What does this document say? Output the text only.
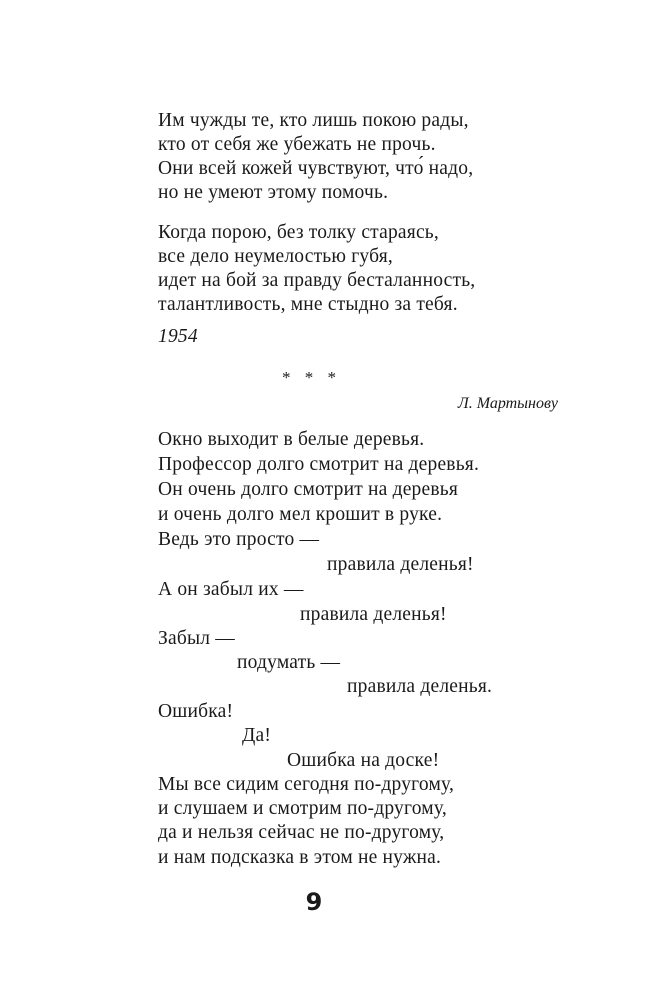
Им чужды те, кто лишь покою рады,
кто от себя же убежать не прочь.
Они всей кожей чувствуют, что́ надо,
но не умеют этому помочь.
Когда порою, без толку стараясь,
все дело неумелостью губя,
идет на бой за правду бесталанность,
талантливость, мне стыдно за тебя.
1954
* * *
Л. Мартынову
Окно выходит в белые деревья.
Профессор долго смотрит на деревья.
Он очень долго смотрит на деревья
и очень долго мел крошит в руке.
Ведь это просто —
правила деленья!
А он забыл их —
правила деленья!
Забыл —
подумать —
правила деленья.
Ошибка!
Да!
Ошибка на доске!
Мы все сидим сегодня по-другому,
и слушаем и смотрим по-другому,
да и нельзя сейчас не по-другому,
и нам подсказка в этом не нужна.
9
